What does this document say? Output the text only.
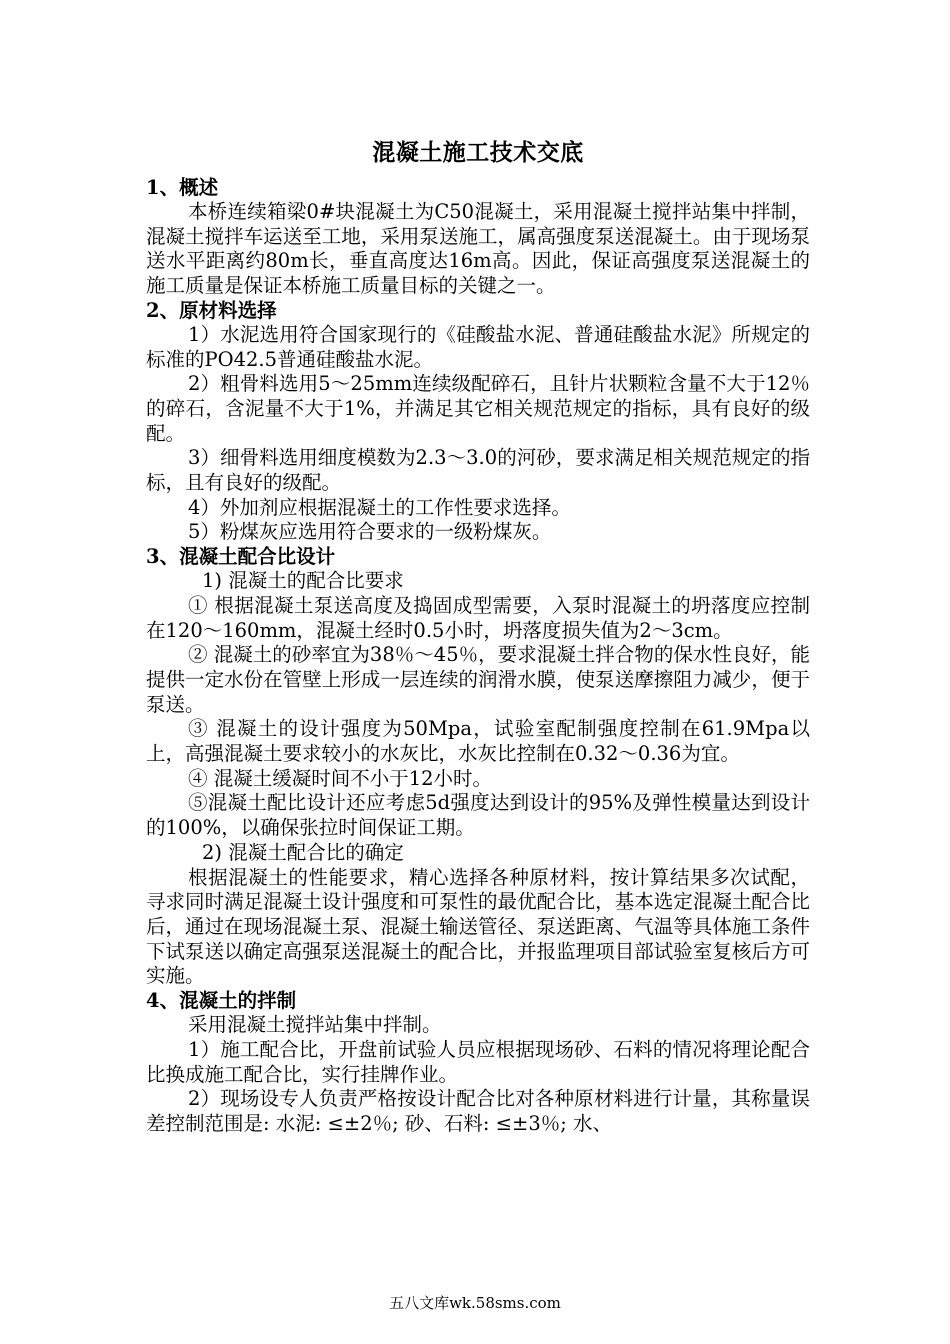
混凝土施工技术交底
1、概述
本桥连续箱梁0#块混凝土为C50混凝土，采用混凝土搅拌站集中拌制，混凝土搅拌车运送至工地，采用泵送施工，属高强度泵送混凝土。由于现场泵送水平距离约80m长，垂直高度达16m高。因此，保证高强度泵送混凝土的施工质量是保证本桥施工质量目标的关键之一。
2、原材料选择
1）水泥选用符合国家现行的《硅酸盐水泥、普通硅酸盐水泥》所规定的标准的PO42.5普通硅酸盐水泥。
2）粗骨料选用5～25mm连续级配碎石，且针片状颗粒含量不大于12％的碎石，含泥量不大于1%，并满足其它相关规范规定的指标，具有良好的级配。
3）细骨料选用细度模数为2.3～3.0的河砂，要求满足相关规范规定的指标，且有良好的级配。
4）外加剂应根据混凝土的工作性要求选择。
5）粉煤灰应选用符合要求的一级粉煤灰。
3、混凝土配合比设计
1) 混凝土的配合比要求
① 根据混凝土泵送高度及捣固成型需要，入泵时混凝土的坍落度应控制在120～160mm，混凝土经时0.5小时，坍落度损失值为2～3cm。
② 混凝土的砂率宜为38％～45％，要求混凝土拌合物的保水性良好，能提供一定水份在管壁上形成一层连续的润滑水膜，使泵送摩擦阻力减少，便于泵送。
③ 混凝土的设计强度为50Mpa，试验室配制强度控制在61.9Mpa以上，高强混凝土要求较小的水灰比，水灰比控制在0.32～0.36为宜。
④ 混凝土缓凝时间不小于12小时。
⑤混凝土配比设计还应考虑5d强度达到设计的95%及弹性模量达到设计的100%，以确保张拉时间保证工期。
2) 混凝土配合比的确定
根据混凝土的性能要求，精心选择各种原材料，按计算结果多次试配，寻求同时满足混凝土设计强度和可泵性的最优配合比，基本选定混凝土配合比后，通过在现场混凝土泵、混凝土输送管径、泵送距离、气温等具体施工条件下试泵送以确定高强泵送混凝土的配合比，并报监理项目部试验室复核后方可实施。
4、混凝土的拌制
采用混凝土搅拌站集中拌制。
1）施工配合比，开盘前试验人员应根据现场砂、石料的情况将理论配合比换成施工配合比，实行挂牌作业。
2）现场设专人负责严格按设计配合比对各种原材料进行计量，其称量误差控制范围是: 水泥: ≤±2％; 砂、石料: ≤±3％; 水、
五八文库wk.58sms.com
